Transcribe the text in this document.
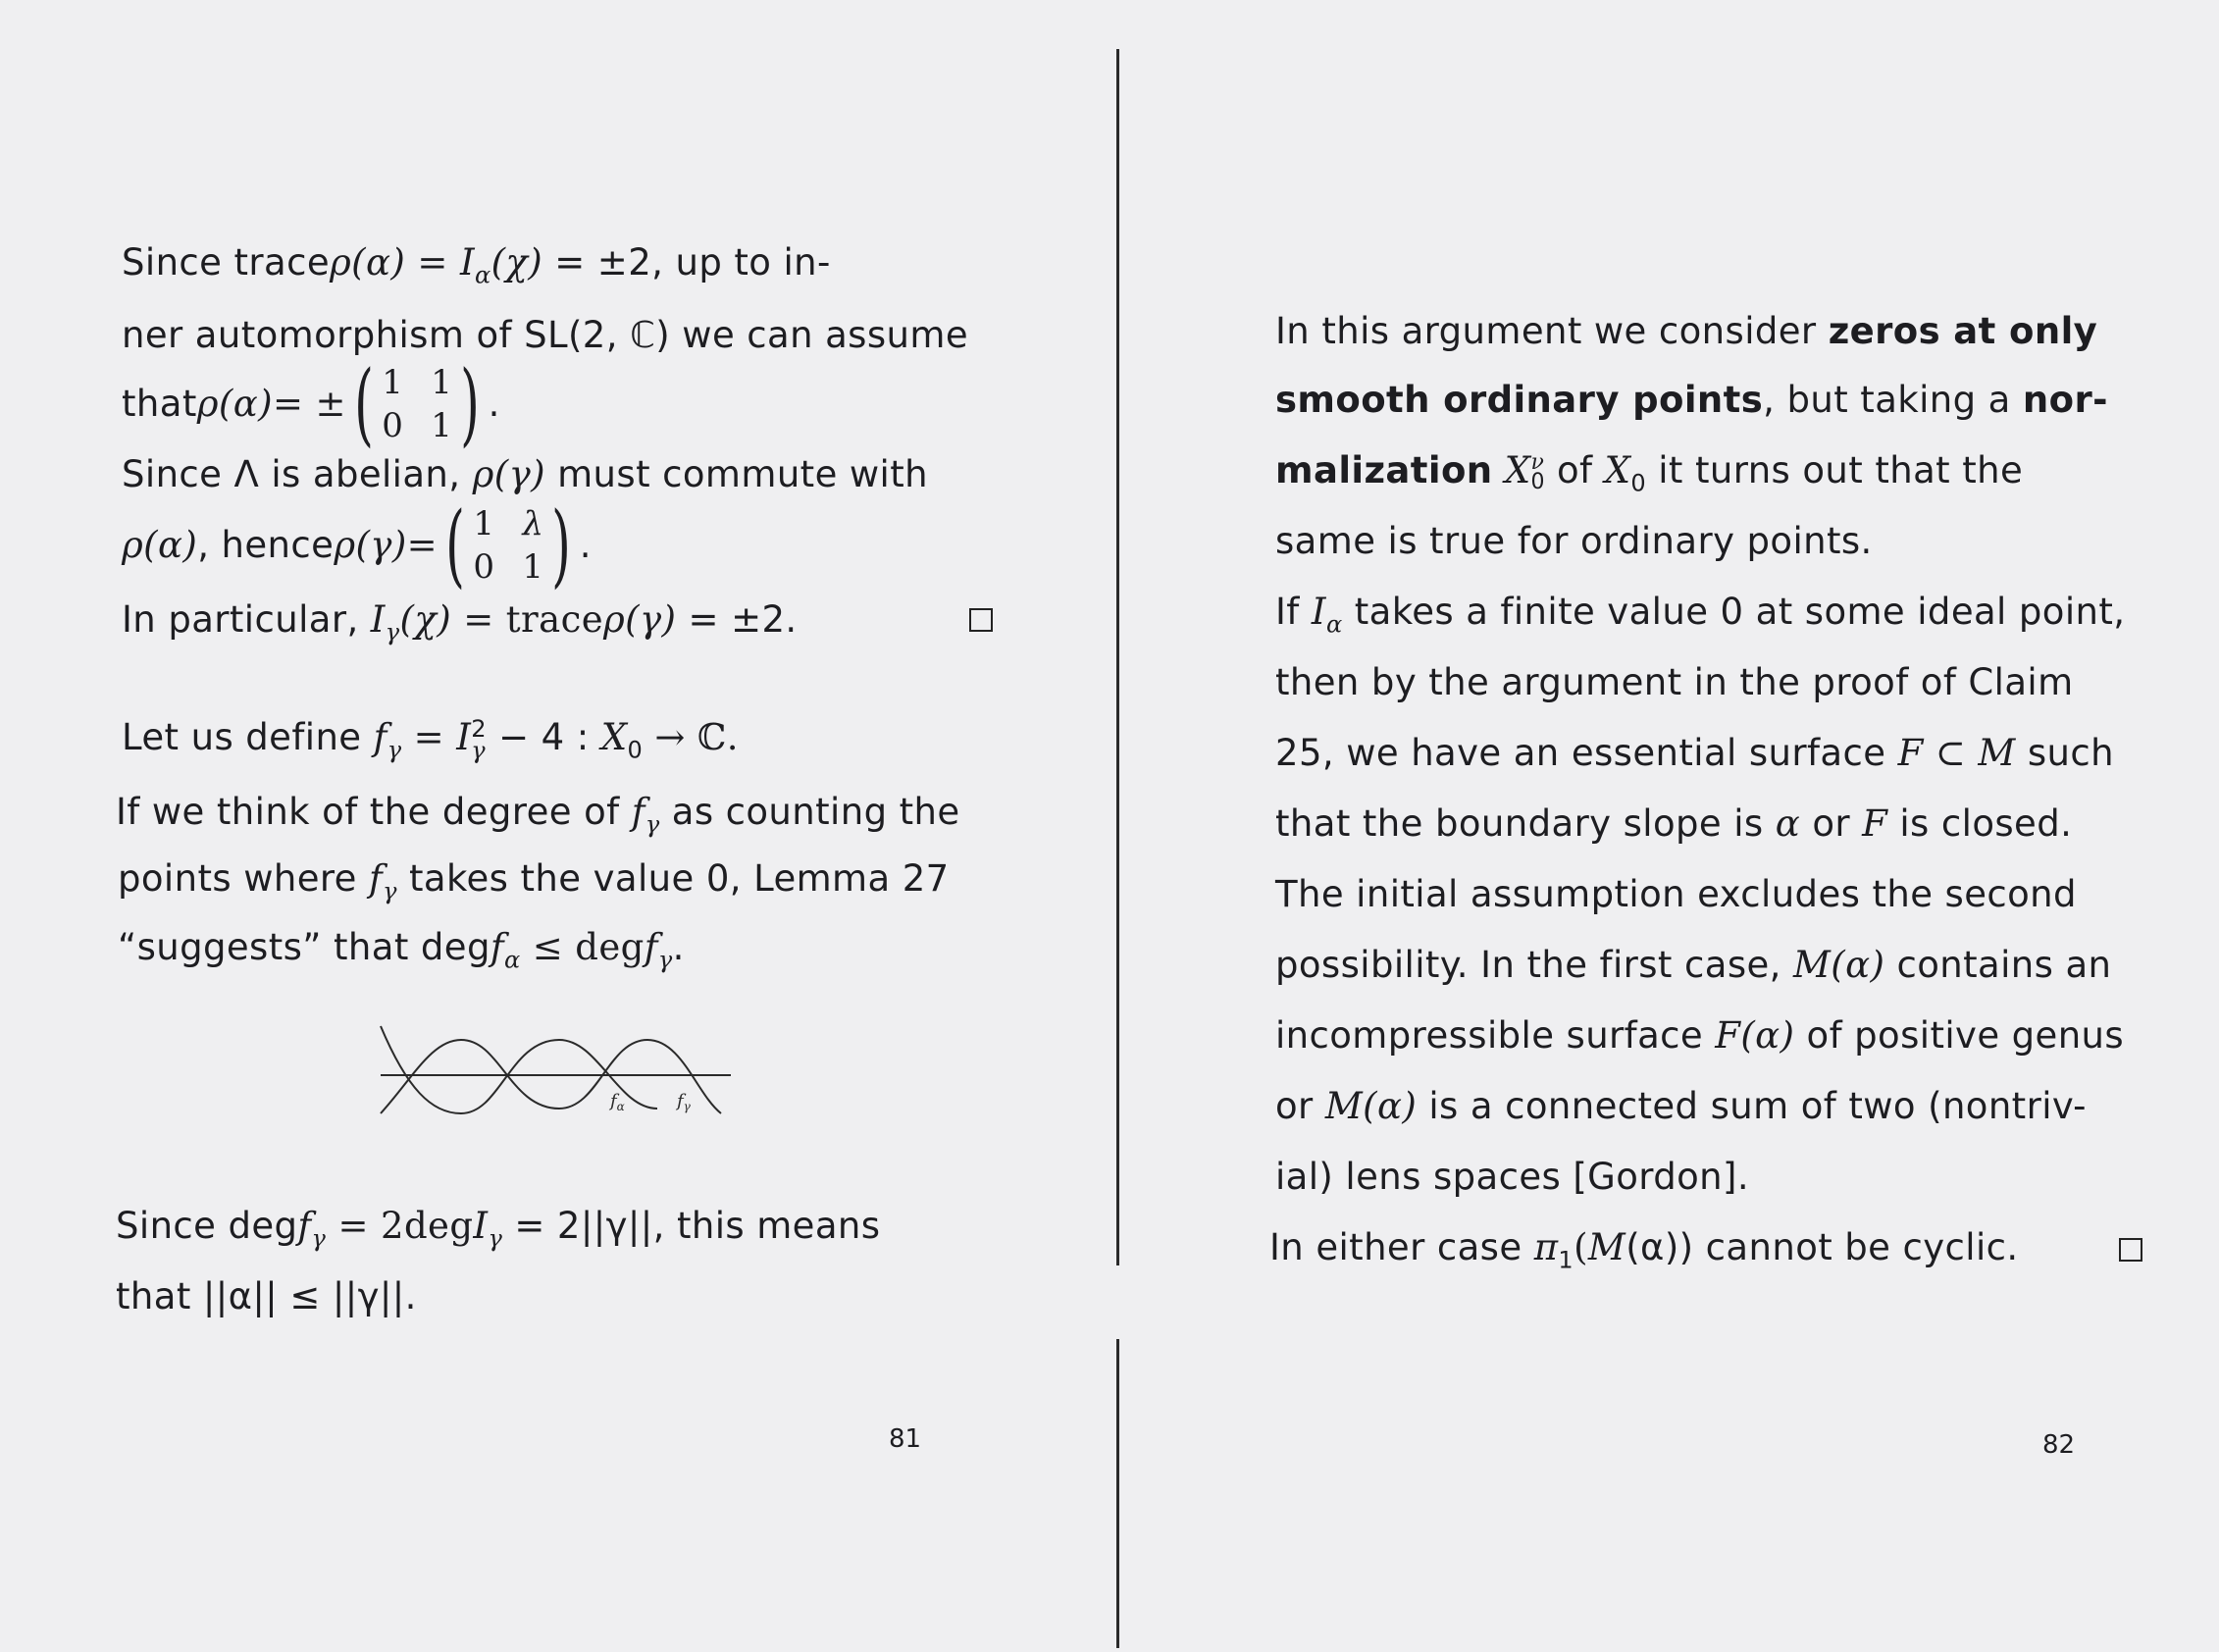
Since traceρ(α) = $I_\alpha(\chi) = \pm 2$, up to in-
ner automorphism of SL(2, ℂ) we can assume
that ρ(α) = ± ( 1 1
0 1 ) .
Since Λ is abelian, ρ(γ) must commute with
ρ(α) , hence ρ(γ) = ( 1 λ
0 1 ) .
In particular, $I_\gamma(\chi)$ = traceρ(γ) = ±2.
Let us define $f_\gamma = I$ 2
γ − 4 : $X_0$ → ℂ.
If we think of the degree of $f_\gamma$ as counting the
points where $f_\gamma$ takes the value 0, Lemma 27
“suggests” that degf$_\alpha$ ≤ degf$_\gamma$.
$f_\alpha$	$f_\gamma$
Since degf$_\gamma$ = 2degI$_\gamma$ = 2||γ||, this means
that ||α|| ≤ ||γ||.
81
In this argument we consider zeros at only
smooth ordinary points, but taking a nor-
malization X ν
0 of $X_0$ it turns out that the
same is true for ordinary points.
If $I_\alpha$ takes a finite value 0 at some ideal point,
then by the argument in the proof of Claim
25, we have an essential surface F ⊂ M such
that the boundary slope is α or F is closed.
The initial assumption excludes the second
possibility. In the first case, M(α) contains an
incompressible surface F(α) of positive genus
or M(α) is a connected sum of two (nontriv-
ial) lens spaces [Gordon].
In either case $\pi_1(M(\alpha))$ cannot be cyclic.
82
